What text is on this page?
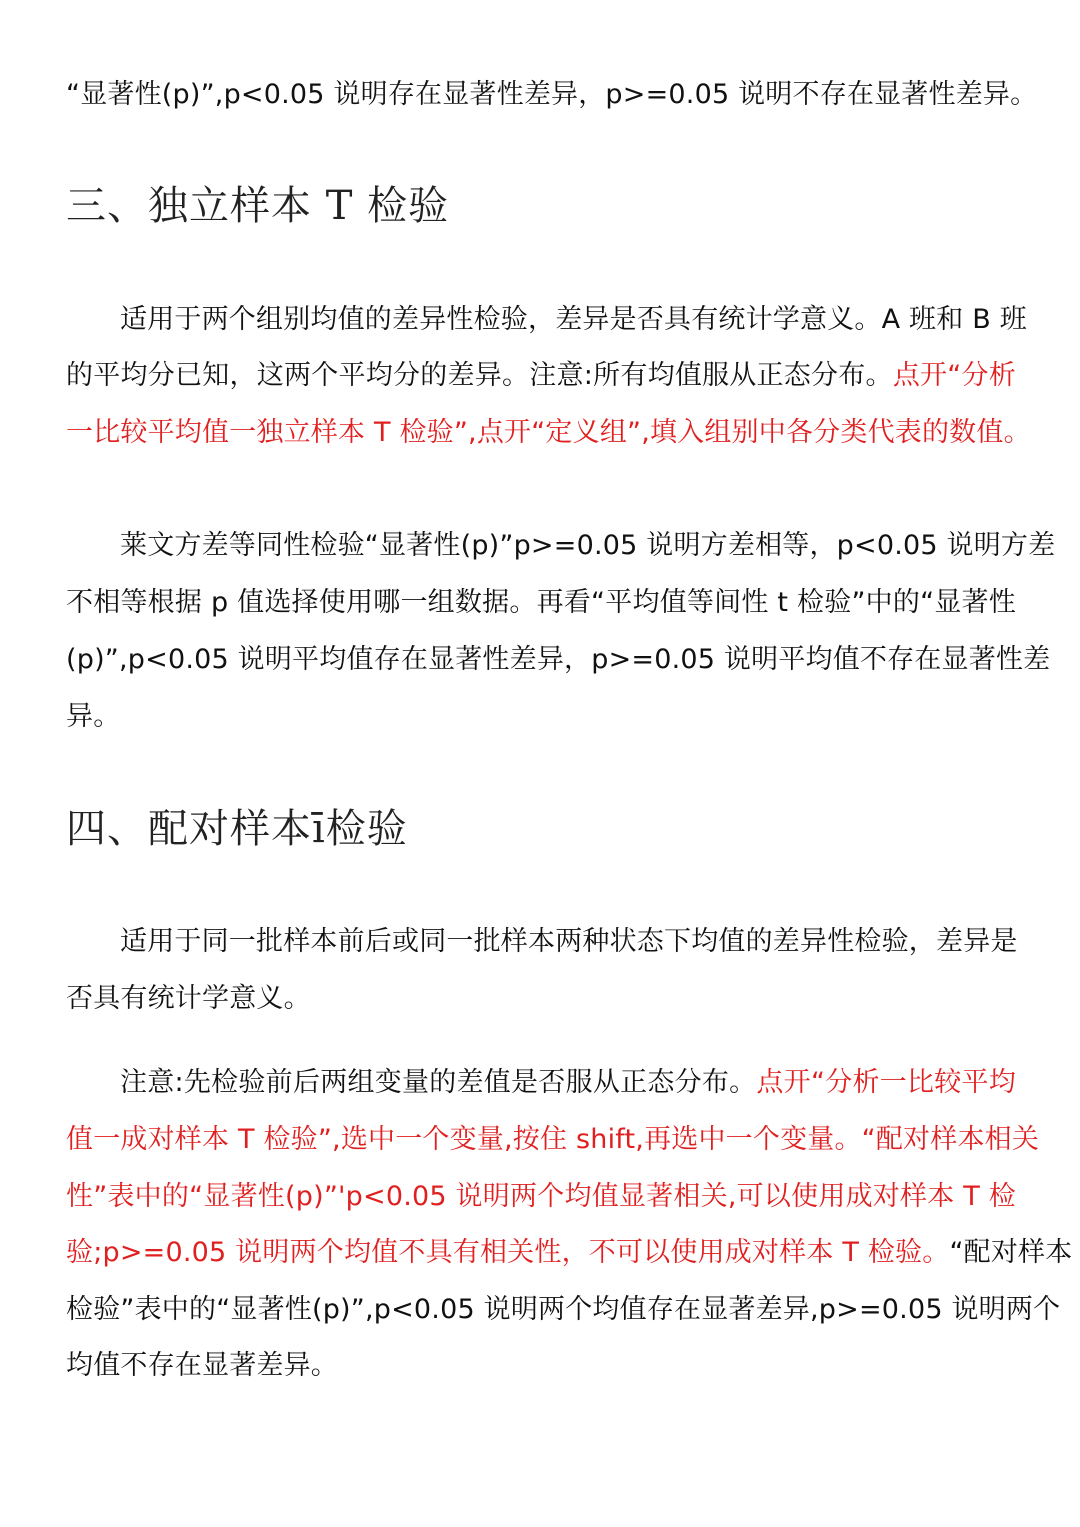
“显著性(p)”,p<0.05 说明存在显著性差异，p>=0.05 说明不存在显著性差异。
三、独立样本 T 检验
适用于两个组别均值的差异性检验，差异是否具有统计学意义。A 班和 B 班
的平均分已知，这两个平均分的差异。注意:所有均值服从正态分布。点开“分析
一比较平均值一独立样本 T 检验”,点开“定义组”,填入组别中各分类代表的数值。
莱文方差等同性检验“显著性(p)”p>=0.05 说明方差相等，p<0.05 说明方差
不相等根据 p 值选择使用哪一组数据。再看“平均值等间性 t 检验”中的“显著性
(p)”,p<0.05 说明平均值存在显著性差异，p>=0.05 说明平均值不存在显著性差
异。
四、配对样本ī检验
适用于同一批样本前后或同一批样本两种状态下均值的差异性检验，差异是
否具有统计学意义。
注意:先检验前后两组变量的差值是否服从正态分布。点开“分析一比较平均
值一成对样本 T 检验”,选中一个变量,按住 shift,再选中一个变量。“配对样本相关
性”表中的“显著性(p)”'p<0.05 说明两个均值显著相关,可以使用成对样本 T 检
验;p>=0.05 说明两个均值不具有相关性，不可以使用成对样本 T 检验。“配对样本
检验”表中的“显著性(p)”,p<0.05 说明两个均值存在显著差异,p>=0.05 说明两个
均值不存在显著差异。
